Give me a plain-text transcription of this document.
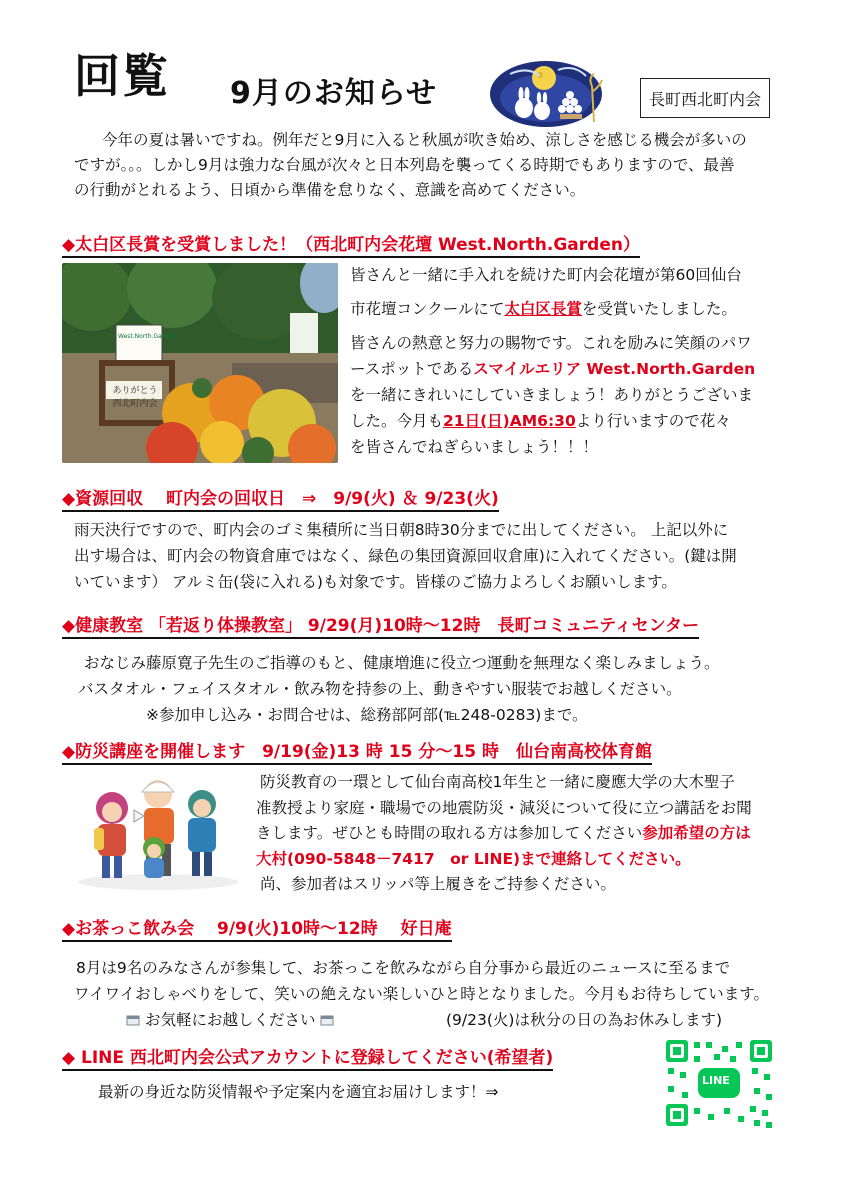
回覧 9月のお知らせ	長町西北町内会
今年の夏は暑いですね。例年だと9月に入ると秋風が吹き始め、涼しさを感じる機会が多いの
ですが。。。しかし9月は強力な台風が次々と日本列島を襲ってくる時期でもありますので、最善
の行動がとれるよう、日頃から準備を怠りなく、意識を高めてください。
◆太白区長賞を受賞しました！（西北町内会花壇 West.North.Garden）
ありがとう 西北町内会
West.North.Garden
皆さんと一緒に手入れを続けた町内会花壇が第60回仙台
市花壇コンクールにて太白区長賞を受賞いたしました。
皆さんの熱意と努力の賜物です。これを励みに笑顔のパワ
ースポットであるスマイルエリア West.North.Garden
を一緒にきれいにしていきましょう！ありがとうございま
した。今月も21日(日)AM6:30より行いますので花々
を皆さんでねぎらいましょう！！！
◆資源回収　 町内会の回収日　⇒　9/9(火) ＆ 9/23(火)
雨天決行ですので、町内会のゴミ集積所に当日朝8時30分までに出してください。 上記以外に
出す場合は、町内会の物資倉庫ではなく、緑色の集団資源回収倉庫)に入れてください。(鍵は開
いています） アルミ缶(袋に入れる)も対象です。皆様のご協力よろしくお願いします。
◆健康教室 「若返り体操教室」 9/29(月)10時～12時　長町コミュニティセンター
おなじみ藤原寛子先生のご指導のもと、健康増進に役立つ運動を無理なく楽しみましょう。
バスタオル・フェイスタオル・飲み物を持参の上、動きやすい服装でお越しください。
※参加申し込み・お問合せは、総務部阿部(℡248-0283)まで。
◆防災講座を開催します　9/19(金)13 時 15 分～15 時　仙台南高校体育館
防災教育の一環として仙台南高校1年生と一緒に慶應大学の大木聖子
准教授より家庭・職場での地震防災・減災について役に立つ講話をお聞
きします。ぜひとも時間の取れる方は参加してください参加希望の方は
大村(090-5848－7417　or LINE)まで連絡してください。
尚、参加者はスリッパ等上履きをご持参ください。
◆お茶っこ飲み会　 9/9(火)10時～12時　 好日庵
8月は9名のみなさんが参集して、お茶っこを飲みながら自分事から最近のニュースに至るまで
ワイワイおしゃべりをして、笑いの絶えない楽しいひと時となりました。今月もお待ちしています。
お気軽にお越しください	(9/23(火)は秋分の日の為お休みします)
◆ LINE 西北町内会公式アカウントに登録してください(希望者)
最新の身近な防災情報や予定案内を適宜お届けします！⇒
LINE
